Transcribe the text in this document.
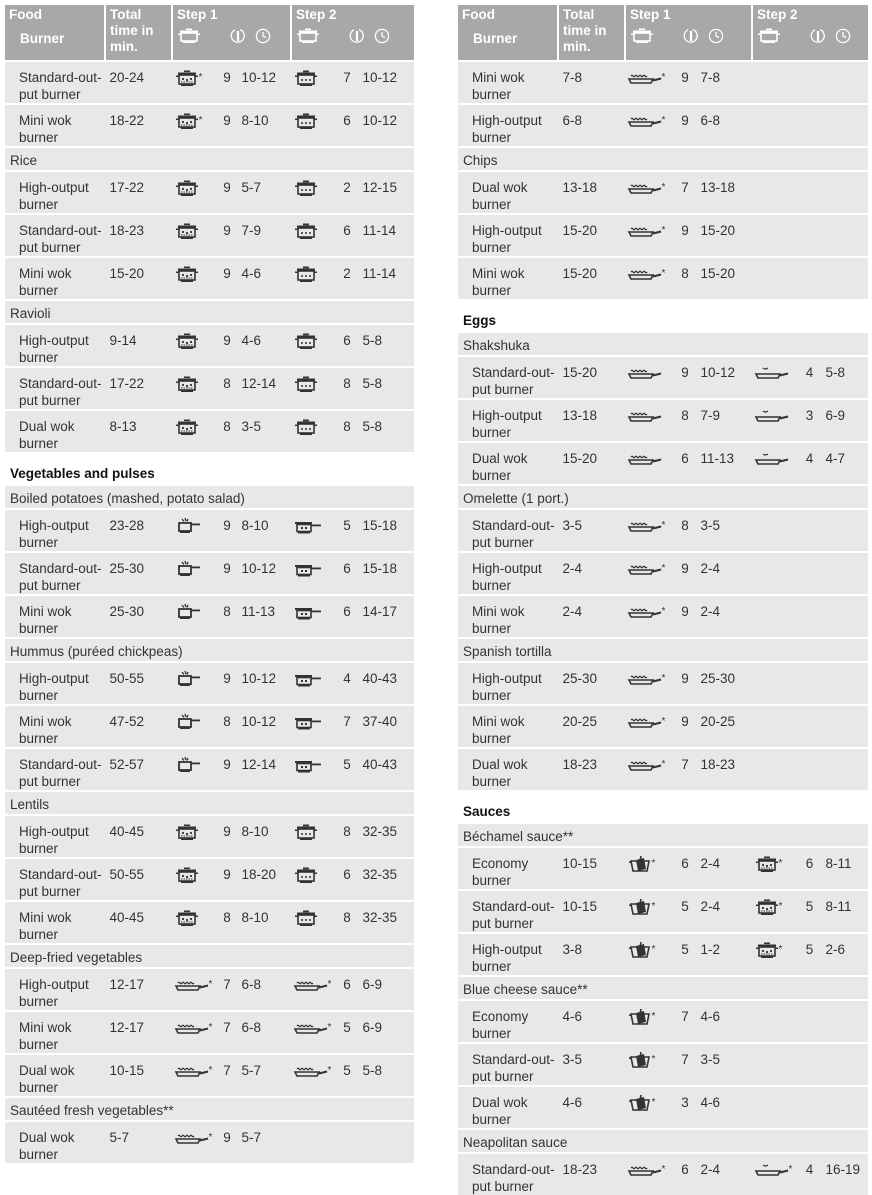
Food
Burner	Total time in min.	Step 1			Step 2		

Standard-out-put burner	20-24	*	9	10-12		7	10-12
Mini wok burner	18-22	*	9	8-10		6	10-12
Rice							
High-output burner	17-22		9	5-7		2	12-15
Standard-out-put burner	18-23		9	7-9		6	11-14
Mini wok burner	15-20		9	4-6		2	11-14
Ravioli							
High-output burner	9-14		9	4-6		6	5-8
Standard-out-put burner	17-22		8	12-14		8	5-8
Dual wok burner	8-13		8	3-5		8	5-8
Vegetables and pulses							
Boiled potatoes (mashed, potato salad)							
High-output burner	23-28		9	8-10		5	15-18
Standard-out-put burner	25-30		9	10-12		6	15-18
Mini wok burner	25-30		8	11-13		6	14-17
Hummus (puréed chickpeas)							
High-output burner	50-55		9	10-12		4	40-43
Mini wok burner	47-52		8	10-12		7	37-40
Standard-out-put burner	52-57		9	12-14		5	40-43
Lentils							
High-output burner	40-45		9	8-10		8	32-35
Standard-out-put burner	50-55		9	18-20		6	32-35
Mini wok burner	40-45		8	8-10		8	32-35
Deep-fried vegetables							
High-output burner	12-17	*	7	6-8	*	6	6-9
Mini wok burner	12-17	*	7	6-8	*	5	6-9
Dual wok burner	10-15	*	7	5-7	*	5	5-8
Sautéed fresh vegetables**							
Dual wok burner	5-7	*	9	5-7			
Food
Burner	Total time in min.	Step 1			Step 2		

Mini wok burner	7-8	*	9	7-8			
High-output burner	6-8	*	9	6-8			
Chips							
Dual wok burner	13-18	*	7	13-18			
High-output burner	15-20	*	9	15-20			
Mini wok burner	15-20	*	8	15-20			
Eggs							
Shakshuka							
Standard-out-put burner	15-20		9	10-12		4	5-8
High-output burner	13-18		8	7-9		3	6-9
Dual wok burner	15-20		6	11-13		4	4-7
Omelette (1 port.)							
Standard-out-put burner	3-5	*	8	3-5			
High-output burner	2-4	*	9	2-4			
Mini wok burner	2-4	*	9	2-4			
Spanish tortilla							
High-output burner	25-30	*	9	25-30			
Mini wok burner	20-25	*	9	20-25			
Dual wok burner	18-23	*	7	18-23			
Sauces							
Béchamel sauce**							
Economy burner	10-15	*	6	2-4	*	6	8-11
Standard-out-put burner	10-15	*	5	2-4	*	5	8-11
High-output burner	3-8	*	5	1-2	*	5	2-6
Blue cheese sauce**							
Economy burner	4-6	*	7	4-6			
Standard-out-put burner	3-5	*	7	3-5			
Dual wok burner	4-6	*	3	4-6			
Neapolitan sauce							
Standard-out-put burner	18-23	*	6	2-4	*	4	16-19
